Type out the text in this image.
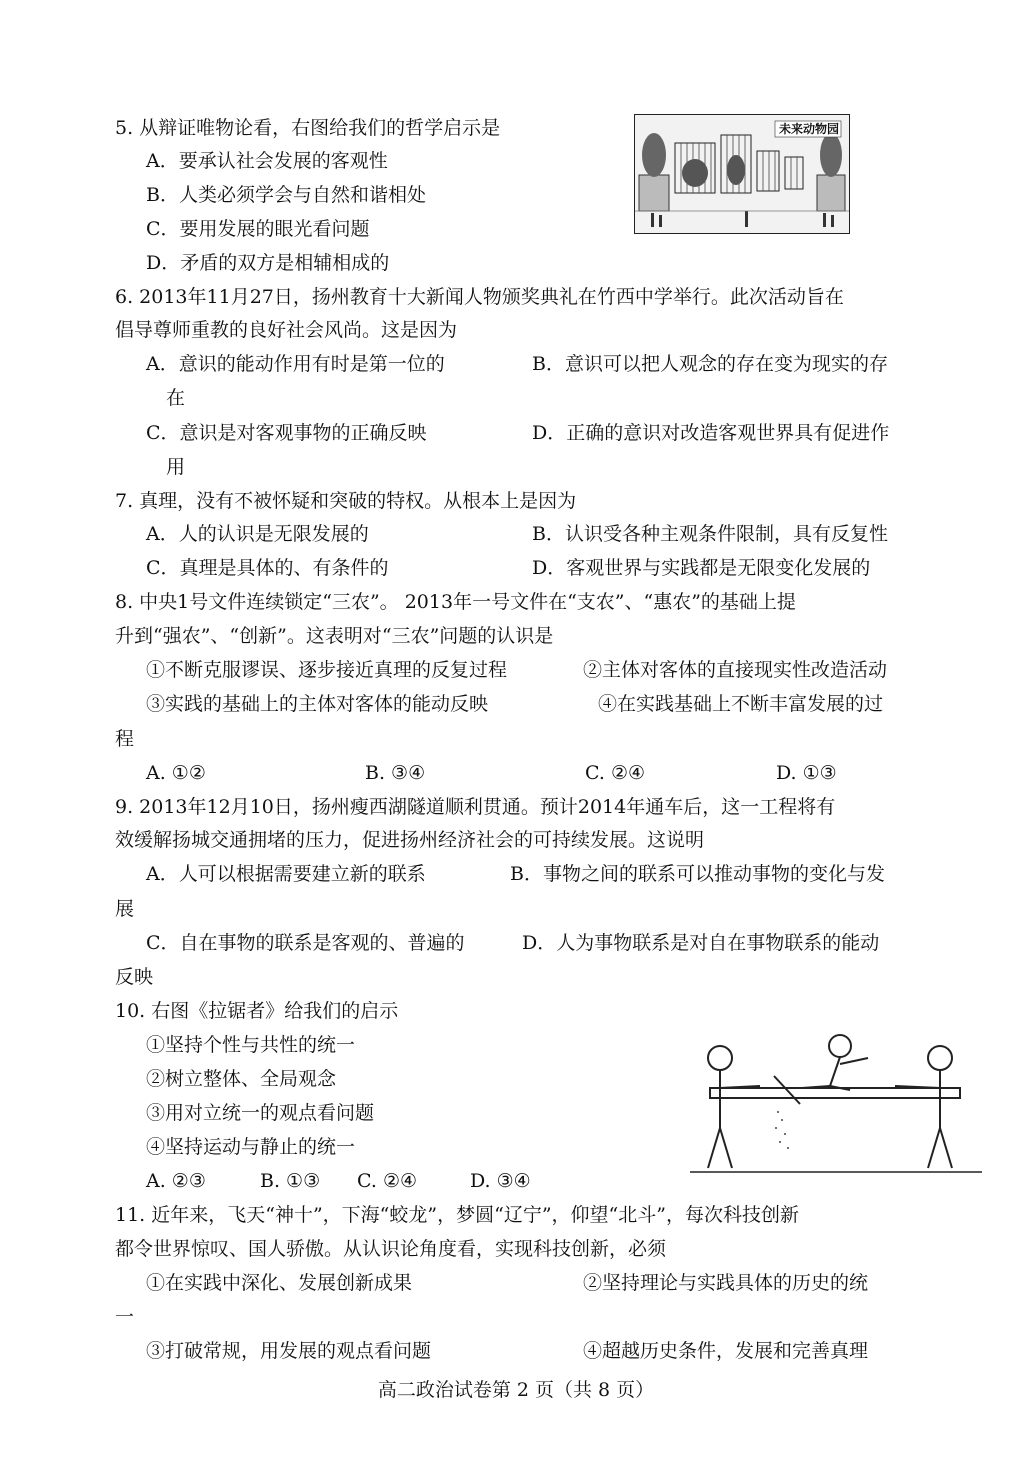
5. 从辩证唯物论看，右图给我们的哲学启示是
A．要承认社会发展的客观性
B．人类必须学会与自然和谐相处
C．要用发展的眼光看问题
D．矛盾的双方是相辅相成的
6. 2013年11月27日，扬州教育十大新闻人物颁奖典礼在竹西中学举行。此次活动旨在
倡导尊师重教的良好社会风尚。这是因为
A．意识的能动作用有时是第一位的	B．意识可以把人观念的存在变为现实的存
在
C．意识是对客观事物的正确反映	D．正确的意识对改造客观世界具有促进作
用
7. 真理，没有不被怀疑和突破的特权。从根本上是因为
A．人的认识是无限发展的	B．认识受各种主观条件限制，具有反复性
C．真理是具体的、有条件的	D．客观世界与实践都是无限变化发展的
8. 中央1号文件连续锁定“三农”。 2013年一号文件在“支农”、“惠农”的基础上提
升到“强农”、“创新”。这表明对“三农”问题的认识是
①不断克服谬误、逐步接近真理的反复过程	②主体对客体的直接现实性改造活动
③实践的基础上的主体对客体的能动反映	④在实践基础上不断丰富发展的过
程
A. ①②	B. ③④	C. ②④	D. ①③
9. 2013年12月10日，扬州瘦西湖隧道顺利贯通。预计2014年通车后，这一工程将有
效缓解扬城交通拥堵的压力，促进扬州经济社会的可持续发展。这说明
A．人可以根据需要建立新的联系	B．事物之间的联系可以推动事物的变化与发
展
C．自在事物的联系是客观的、普遍的	D．人为事物联系是对自在事物联系的能动
反映
10. 右图《拉锯者》给我们的启示
①坚持个性与共性的统一
②树立整体、全局观念
③用对立统一的观点看问题
④坚持运动与静止的统一
A. ②③	B. ①③ C. ②④	D. ③④
11. 近年来，飞天“神十”，下海“蛟龙”，梦圆“辽宁”，仰望“北斗”，每次科技创新
都令世界惊叹、国人骄傲。从认识论角度看，实现科技创新，必须
①在实践中深化、发展创新成果	②坚持理论与实践具体的历史的统
一
③打破常规，用发展的观点看问题	④超越历史条件，发展和完善真理
未来动物园
高二政治试卷第 2 页（共 8 页）
